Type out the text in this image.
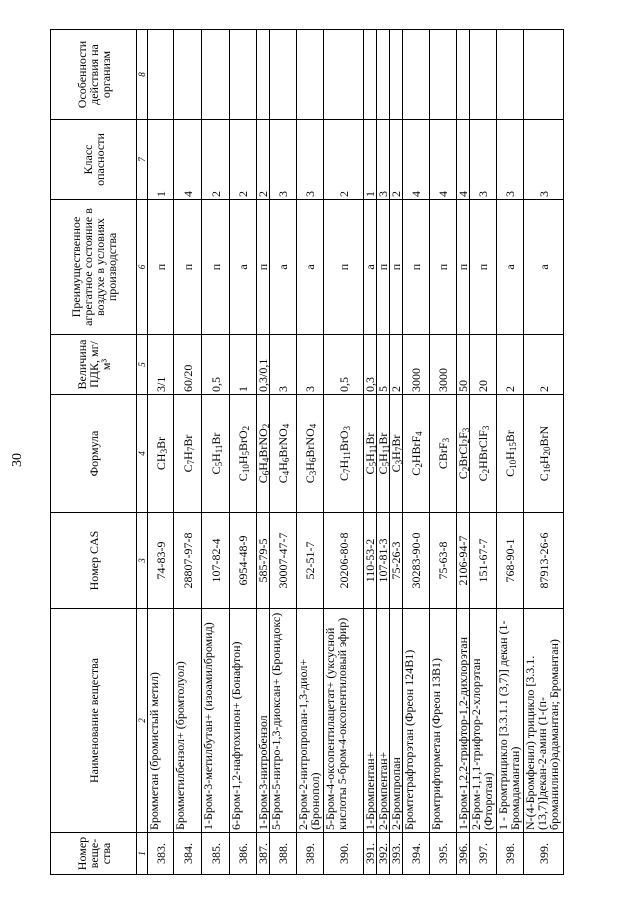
30
Номер веще-ства	Наименование вещества	Номер CAS	Формула	Величина ПДК, мг/м³	Преимущественное агрегатное состояние в воздухе в условиях производства	Класс опасности	Особенности действия на организм
1	2	3	4	5	6	7	8
383.	Бромметан (бромистый метил)	74-83-9	$CH_3Br$	3/1	п	1	
384.	Бромметилбензол+ (бромтолуол)	28807-97-8	$C_7H_7Br$	60/20	п	4	
385.	1-Бром-3-метилбутан+ (изоамилбромид)	107-82-4	$C_5H_{11}Br$	0,5	п	2	
386.	6-Бром-1,2-нафтохинон+ (Бонафтон)	6954-48-9	$C_{10}H_5BrO_2$	1	а	2	
387.	1-Бром-3-нитробензол	585-79-5	$C_6H_4BrNO_2$	0,3/0,1	п	2	
388.	5-Бром-5-нитро-1,3-диоксан+ (Бронидокс)	30007-47-7	$C_4H_6BrNO_4$	3	а	3	
389.	2-Бром-2-нитропропан-1,3-диол+ (Бронопол)	52-51-7	$C_3H_6BrNO_4$	3	а	3	
390.	5-Бром-4-оксопентилацетат+ (уксусной кислоты 5-бром-4-оксопентиловый эфир)	20206-80-8	$C_7H_{11}BrO_3$	0,5	п	2	
391.	1-Бромпентан+	110-53-2	$C_5H_{11}Br$	0,3	а	1	
392.	2-Бромпентан+	107-81-3	$C_5H_{11}Br$	5	п	3	
393.	2-Бромпропан	75-26-3	$C_3H_7Br$	2	п	2	
394.	Бромтетрафторэтан (Фреон 124B1)	30283-90-0	$C_2HBrF_4$	3000	п	4	
395.	Бромтрифторметан (Фреон 13B1)	75-63-8	CBrF$_3$	3000	п	4	
396.	1-Бром-1,2,2-трифтор-1,2-дихлорэтан	2106-94-7	$C_2BrCl_2F_3$	50	п	4	
397.	2-Бром-1,1,1-трифтор-2-хлорэтан (Фторотан)	151-67-7	$C_2HBrClF_3$	20	п	3	
398.	1 - Бромтрицикло [3.3.1.1 (3,7)] декан (1-Бромадамантан)	768-90-1	$C_{10}H_{15}Br$	2	а	3	
399.	N-(4-Бромфенил) трицикло [3.3.1.(13,7)]декан-2-амин (1-(п-броманилино)адамантан; Бромантан)	87913-26-6	$C_{16}H_{20}BrN$	2	а	3	
